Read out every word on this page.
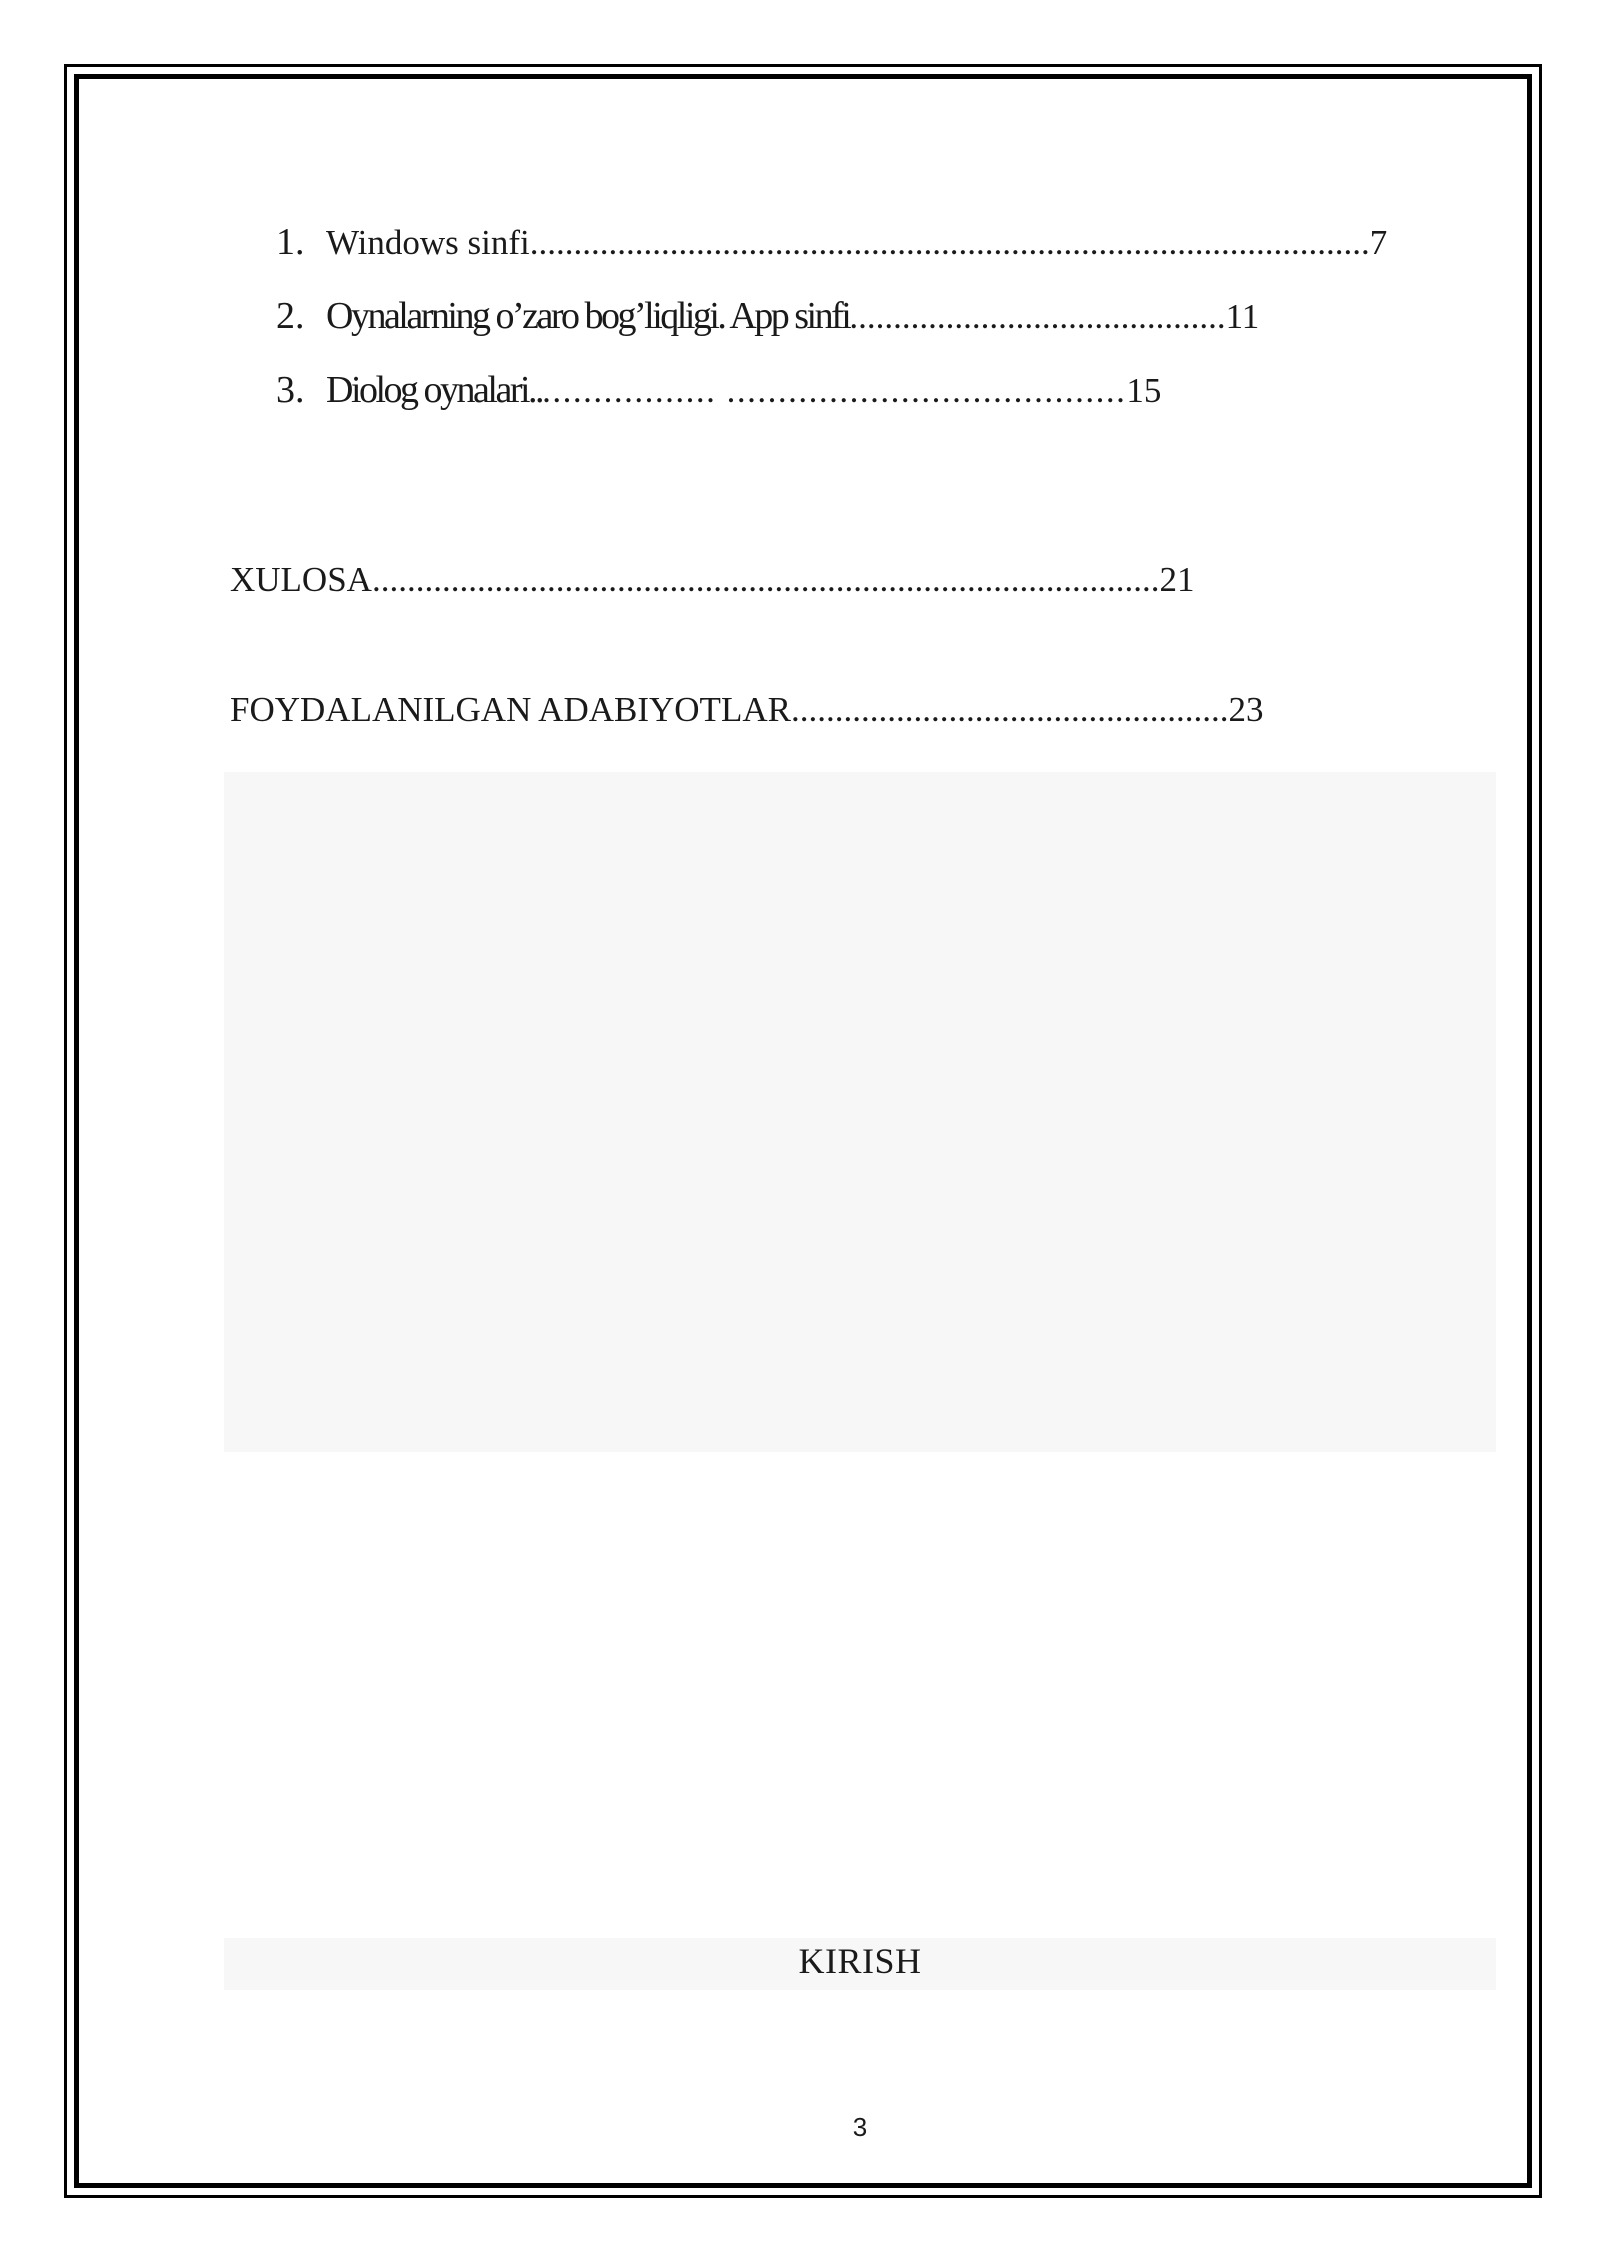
1. Windows sinfi................................................................................................7
2. Oynalarning o’zaro bog’liqligi. App sinfi...........................................11
3. Diolog oynalari................... .......................................15
XULOSA..........................................................................................21
FOYDALANILGAN ADABIYOTLAR..................................................23
KIRISH
3
